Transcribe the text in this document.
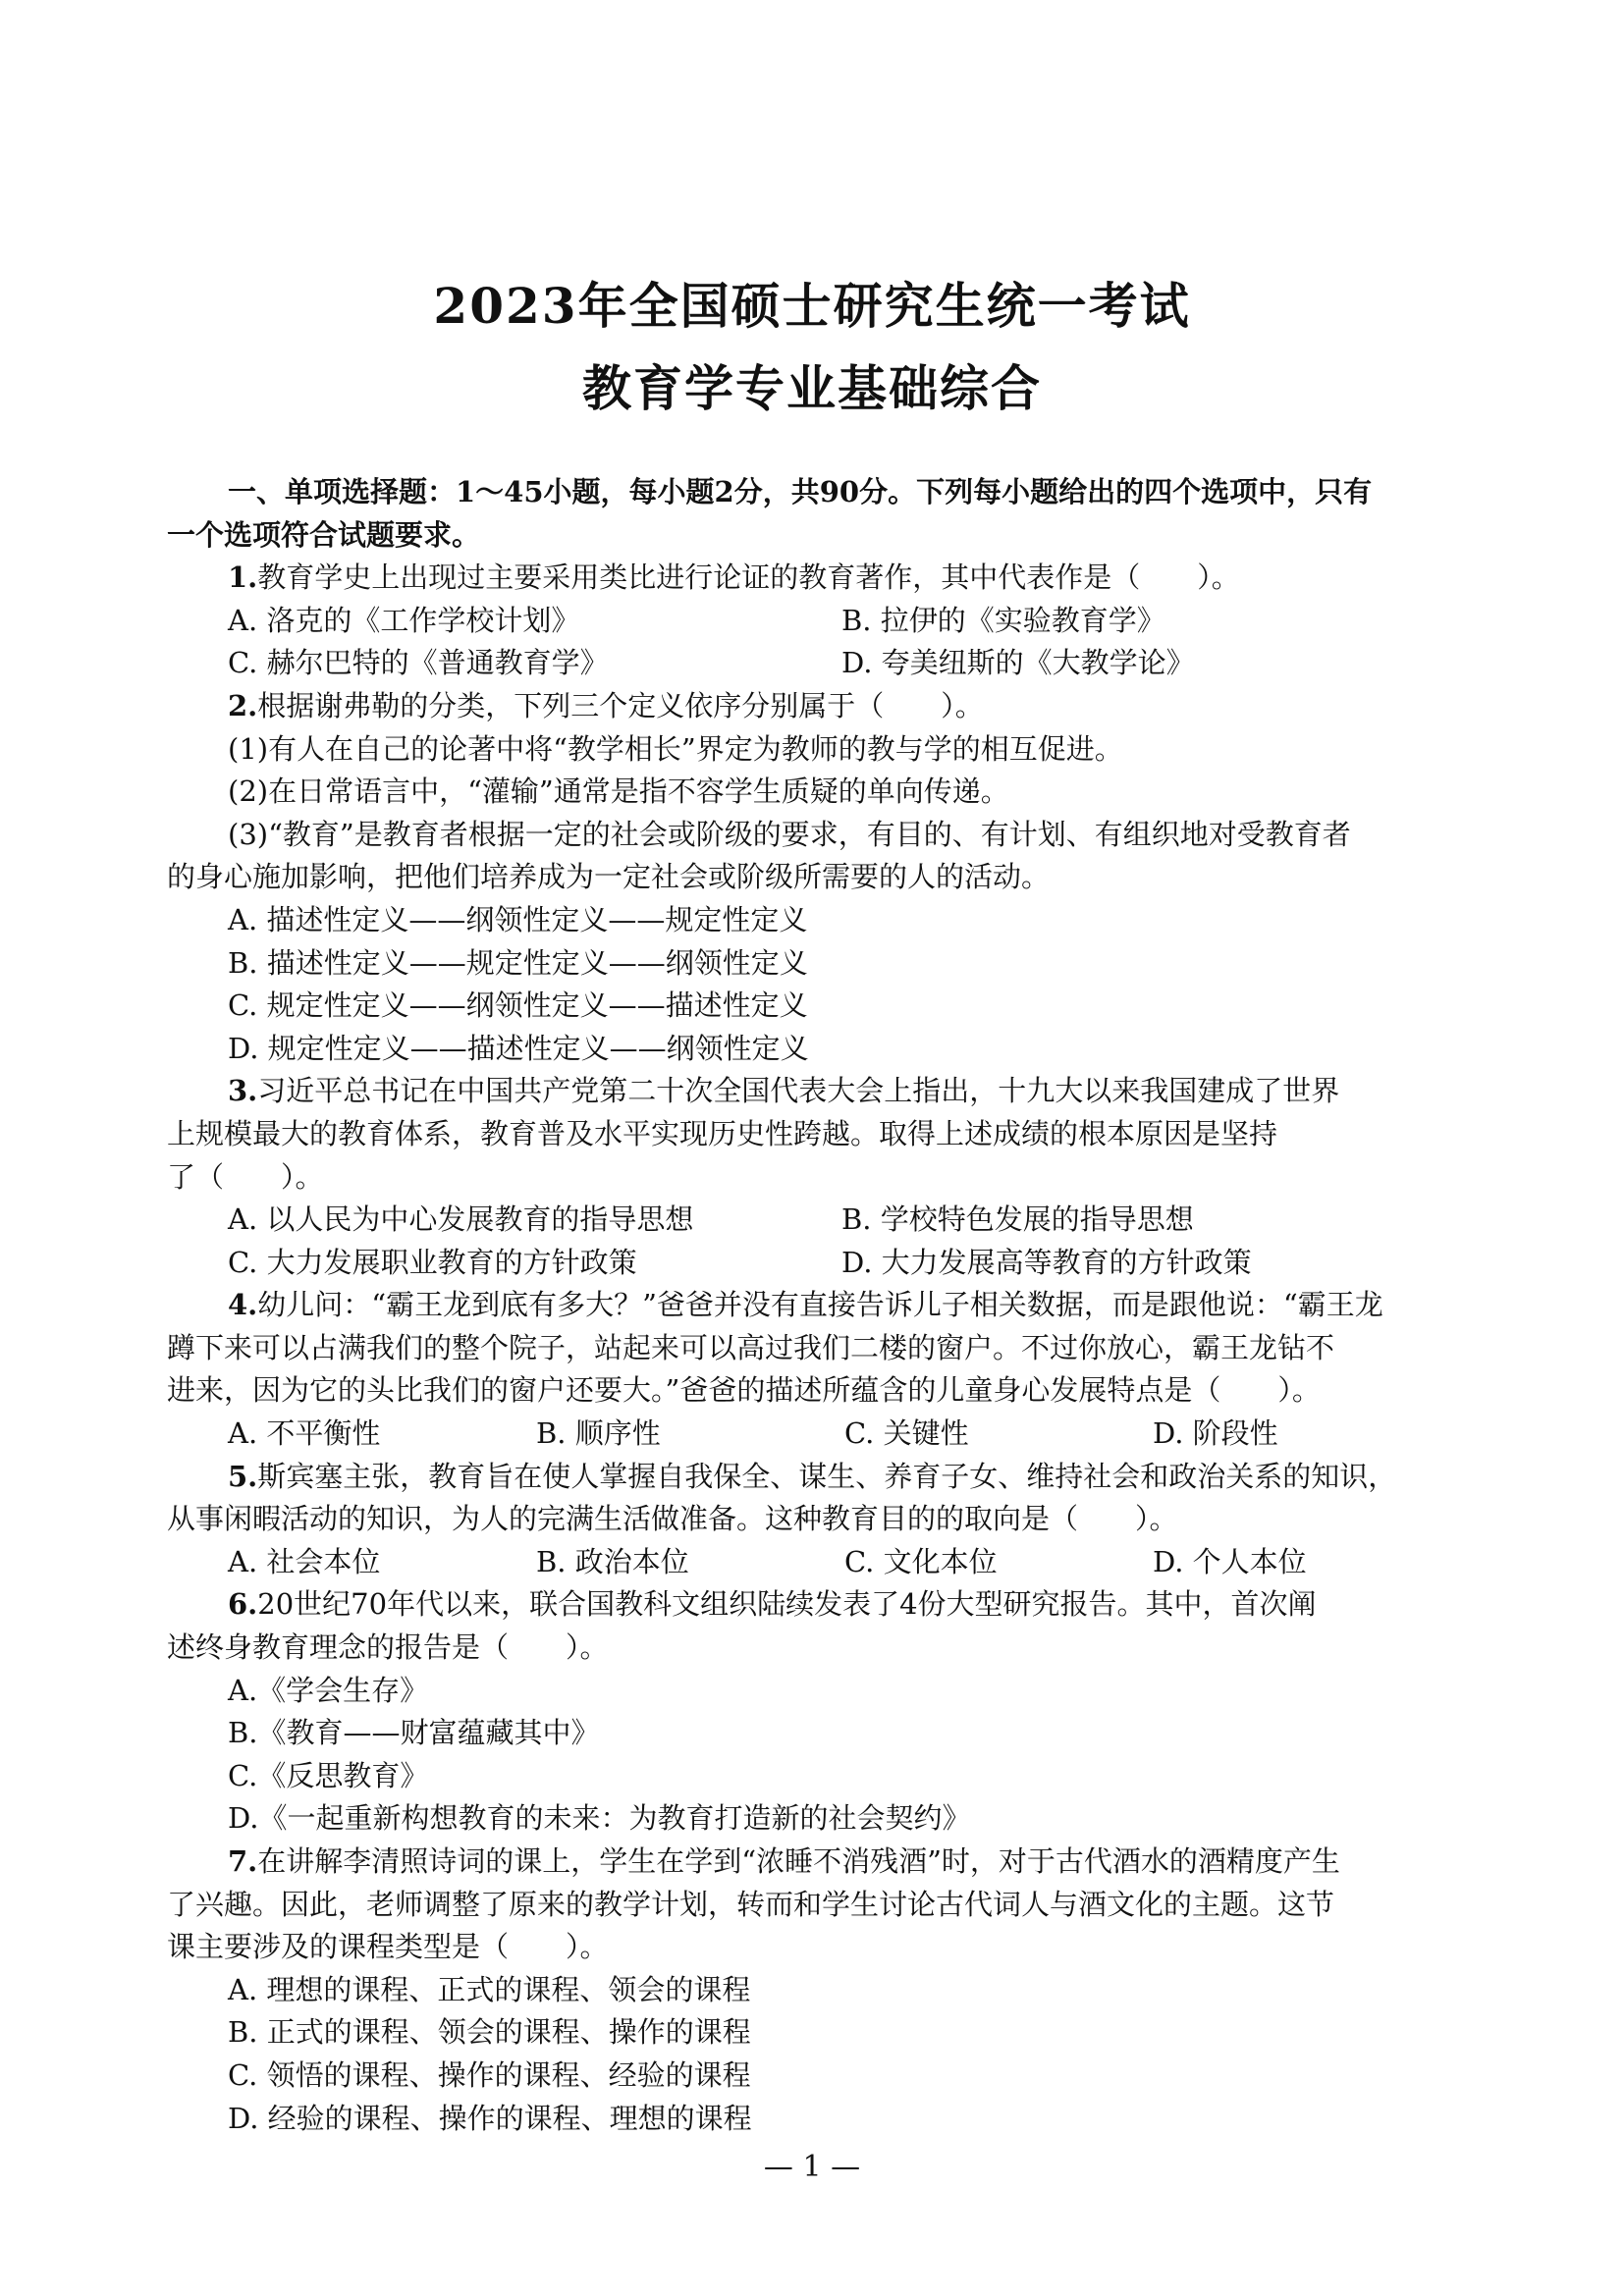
2023年全国硕士研究生统一考试
教育学专业基础综合
一、单项选择题：1～45小题，每小题2分，共90分。下列每小题给出的四个选项中，只有
一个选项符合试题要求。
1.教育学史上出现过主要采用类比进行论证的教育著作，其中代表作是（　　）。
A. 洛克的《工作学校计划》	B. 拉伊的《实验教育学》
C. 赫尔巴特的《普通教育学》	D. 夸美纽斯的《大教学论》
2.根据谢弗勒的分类，下列三个定义依序分别属于（　　）。
(1)有人在自己的论著中将“教学相长”界定为教师的教与学的相互促进。
(2)在日常语言中，“灌输”通常是指不容学生质疑的单向传递。
(3)“教育”是教育者根据一定的社会或阶级的要求，有目的、有计划、有组织地对受教育者
的身心施加影响，把他们培养成为一定社会或阶级所需要的人的活动。
A. 描述性定义——纲领性定义——规定性定义
B. 描述性定义——规定性定义——纲领性定义
C. 规定性定义——纲领性定义——描述性定义
D. 规定性定义——描述性定义——纲领性定义
3.习近平总书记在中国共产党第二十次全国代表大会上指出，十九大以来我国建成了世界
上规模最大的教育体系，教育普及水平实现历史性跨越。取得上述成绩的根本原因是坚持
了（　　）。
A. 以人民为中心发展教育的指导思想	B. 学校特色发展的指导思想
C. 大力发展职业教育的方针政策	D. 大力发展高等教育的方针政策
4.幼儿问：“霸王龙到底有多大？”爸爸并没有直接告诉儿子相关数据，而是跟他说：“霸王龙
蹲下来可以占满我们的整个院子，站起来可以高过我们二楼的窗户。不过你放心，霸王龙钻不
进来，因为它的头比我们的窗户还要大。”爸爸的描述所蕴含的儿童身心发展特点是（　　）。
A. 不平衡性	B. 顺序性	C. 关键性	D. 阶段性
5.斯宾塞主张，教育旨在使人掌握自我保全、谋生、养育子女、维持社会和政治关系的知识，
从事闲暇活动的知识，为人的完满生活做准备。这种教育目的的取向是（　　）。
A. 社会本位	B. 政治本位	C. 文化本位	D. 个人本位
6.20世纪70年代以来，联合国教科文组织陆续发表了4份大型研究报告。其中，首次阐
述终身教育理念的报告是（　　）。
A.《学会生存》
B.《教育——财富蕴藏其中》
C.《反思教育》
D.《一起重新构想教育的未来：为教育打造新的社会契约》
7.在讲解李清照诗词的课上，学生在学到“浓睡不消残酒”时，对于古代酒水的酒精度产生
了兴趣。因此，老师调整了原来的教学计划，转而和学生讨论古代词人与酒文化的主题。这节
课主要涉及的课程类型是（　　）。
A. 理想的课程、正式的课程、领会的课程
B. 正式的课程、领会的课程、操作的课程
C. 领悟的课程、操作的课程、经验的课程
D. 经验的课程、操作的课程、理想的课程
— 1 —
